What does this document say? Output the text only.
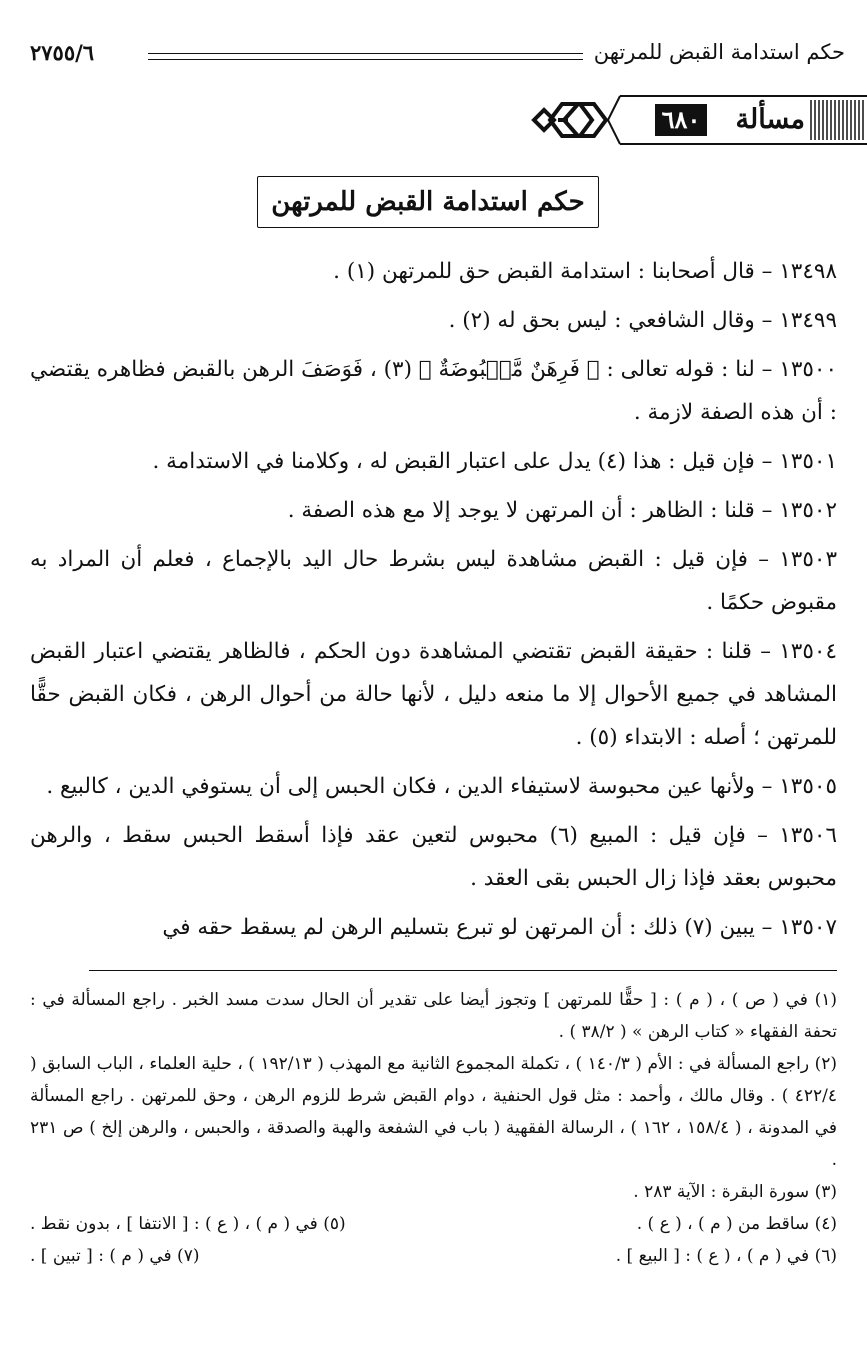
حكم استدامة القبض للمرتهن
٢٧٥٥/٦
مسألة
٦٨٠
حكم استدامة القبض للمرتهن

١٣٤٩٨ – قال أصحابنا : استدامة القبض حق للمرتهن (١) .

١٣٤٩٩ – وقال الشافعي : ليس بحق له (٢) .

١٣٥٠٠ – لنا : قوله تعالى : ﴿ فَرِهَنٌ مَّقۡبُوضَةٌ ﴾ (٣) ، فَوَصَفَ الرهن بالقبض فظاهره يقتضي : أن هذه الصفة لازمة .

١٣٥٠١ – فإن قيل : هذا (٤) يدل على اعتبار القبض له ، وكلامنا في الاستدامة .

١٣٥٠٢ – قلنا : الظاهر : أن المرتهن لا يوجد إلا مع هذه الصفة .

١٣٥٠٣ – فإن قيل : القبض مشاهدة ليس بشرط حال اليد بالإجماع ، فعلم أن المراد به مقبوض حكمًا .

١٣٥٠٤ – قلنا : حقيقة القبض تقتضي المشاهدة دون الحكم ، فالظاهر يقتضي اعتبار القبض المشاهد في جميع الأحوال إلا ما منعه دليل ، لأنها حالة من أحوال الرهن ، فكان القبض حقًّا للمرتهن ؛ أصله : الابتداء (٥) .

١٣٥٠٥ – ولأنها عين محبوسة لاستيفاء الدين ، فكان الحبس إلى أن يستوفي الدين ، كالبيع .

١٣٥٠٦ – فإن قيل : المبيع (٦) محبوس لتعين عقد فإذا أسقط الحبس سقط ، والرهن محبوس بعقد فإذا زال الحبس بقى العقد .

١٣٥٠٧ – يبين (٧) ذلك : أن المرتهن لو تبرع بتسليم الرهن لم يسقط حقه في

(١) في ( ص ) ، ( م ) : [ حقًّا للمرتهن ] وتجوز أيضا على تقدير أن الحال سدت مسد الخبر . راجع المسألة في : تحفة الفقهاء « كتاب الرهن » ( ٣٨/٢ ) .

(٢) راجع المسألة في : الأم ( ١٤٠/٣ ) ، تكملة المجموع الثانية مع المهذب ( ١٩٢/١٣ ) ، حلية العلماء ، الباب السابق ( ٤٢٢/٤ ) . وقال مالك ، وأحمد : مثل قول الحنفية ، دوام القبض شرط للزوم الرهن ، وحق للمرتهن . راجع المسألة في المدونة ، ( ١٥٨/٤ ، ١٦٢ ) ، الرسالة الفقهية ( باب في الشفعة والهبة والصدقة ، والحبس ، والرهن إلخ ) ص ٢٣١ .

(٣) سورة البقرة : الآية ٢٨٣ .

(٤) ساقط من ( م ) ، ( ع ) .
(٥) في ( م ) ، ( ع ) : [ الانتفا ] ، بدون نقط .
(٦) في ( م ) ، ( ع ) : [ البيع ] .
(٧) في ( م ) : [ تبين ] .
